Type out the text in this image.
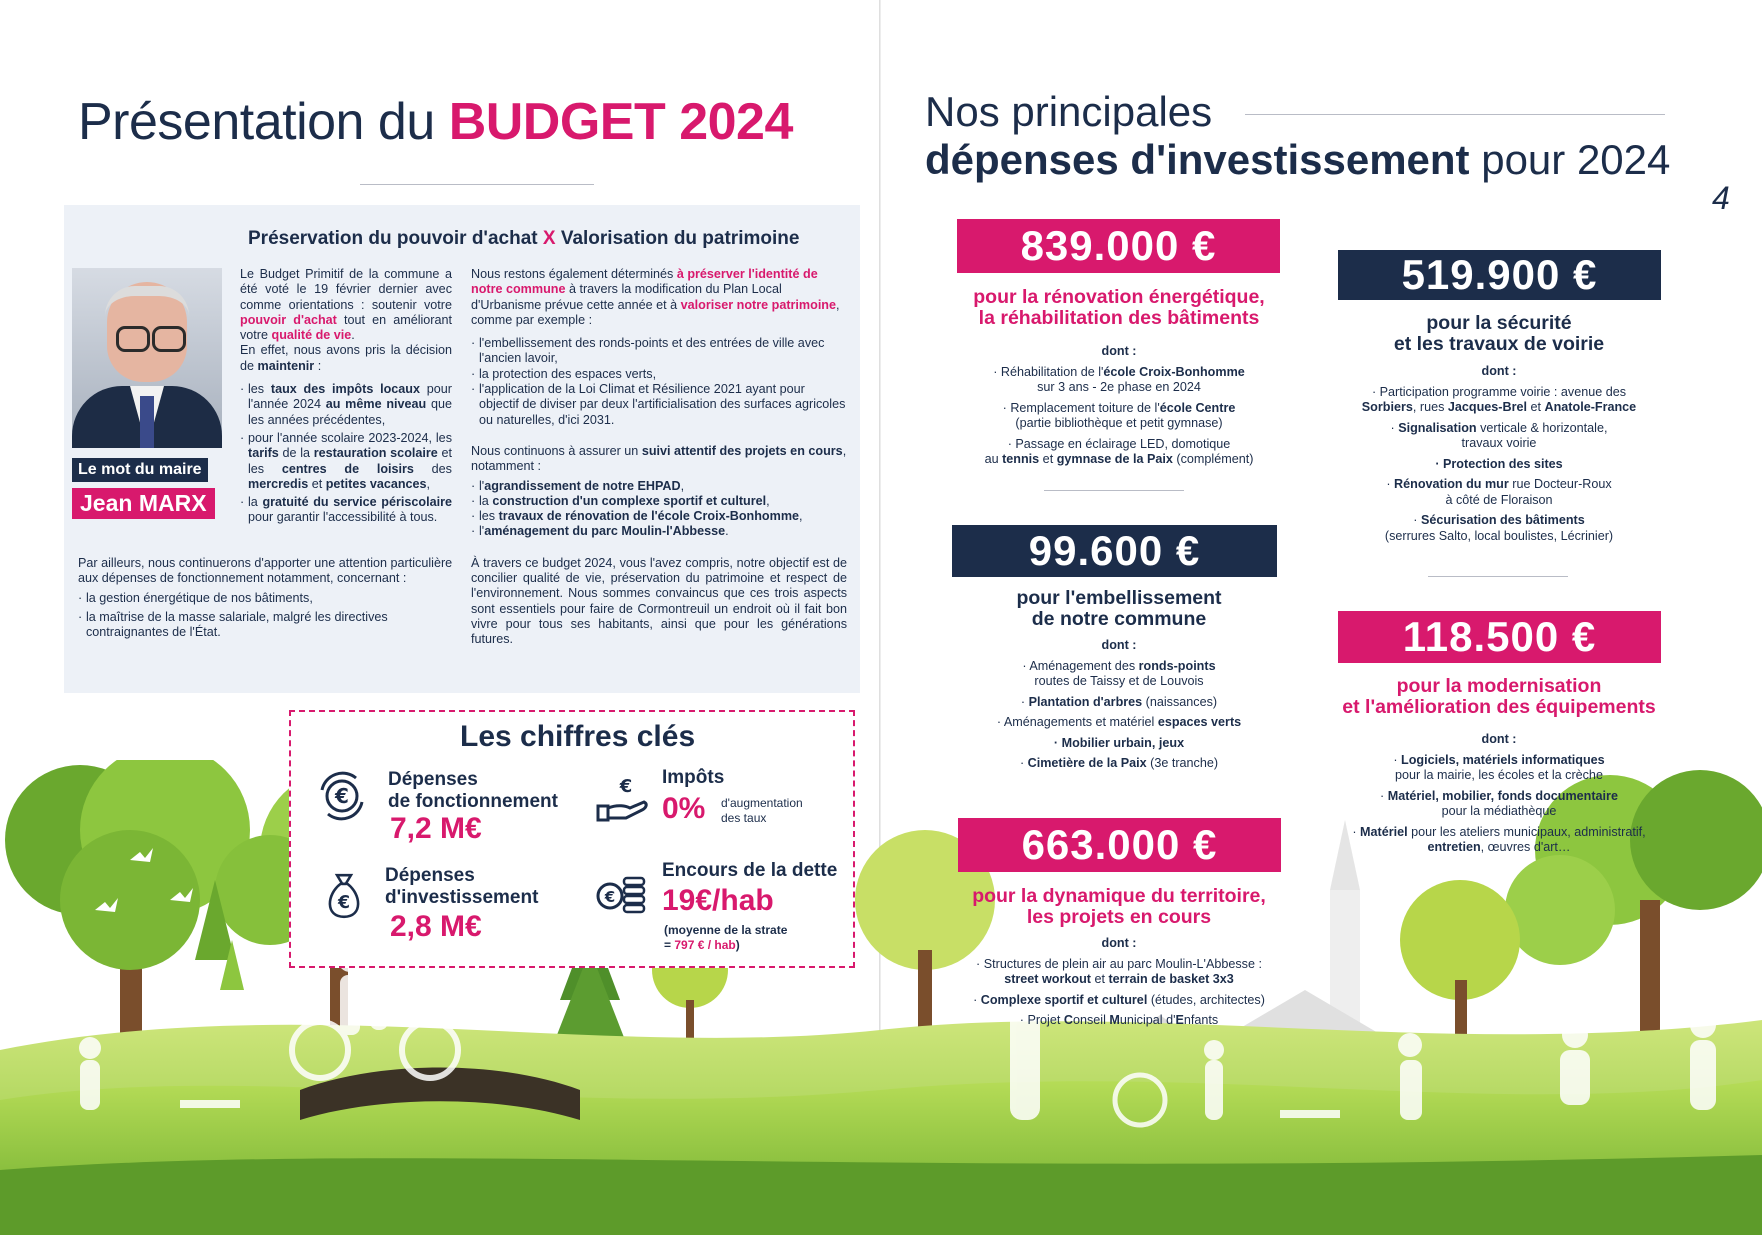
Présentation du BUDGET 2024
Préservation du pouvoir d'achat X Valorisation du patrimoine
Le mot du maire
Jean MARX

Le Budget Primitif de la commune a été voté le 19 février dernier avec comme orientations : soutenir votre pouvoir d'achat tout en améliorant votre qualité de vie.
En effet, nous avons pris la décision de maintenir :

· les taux des impôts locaux pour l'année 2024 au même niveau que les années précédentes,
· pour l'année scolaire 2023-2024, les tarifs de la restauration scolaire et les centres de loisirs des mercredis et petites vacances,
· la gratuité du service périscolaire pour garantir l'accessibilité à tous.

Par ailleurs, nous continuerons d'apporter une attention particulière aux dépenses de fonctionnement notamment, concernant :

· la gestion énergétique de nos bâtiments,
· la maîtrise de la masse salariale, malgré les directives contraignantes de l'État.

Nous restons également déterminés à préserver l'identité de notre commune à travers la modification du Plan Local d'Urbanisme prévue cette année et à valoriser notre patrimoine, comme par exemple :

· l'embellissement des ronds-points et des entrées de ville avec l'ancien lavoir,
· la protection des espaces verts,
· l'application de la Loi Climat et Résilience 2021 ayant pour objectif de diviser par deux l'artificialisation des surfaces agricoles ou naturelles, d'ici 2031.

Nous continuons à assurer un suivi attentif des projets en cours, notamment :

· l'agrandissement de notre EHPAD,
· la construction d'un complexe sportif et culturel,
· les travaux de rénovation de l'école Croix-Bonhomme,
· l'aménagement du parc Moulin-l'Abbesse.

À travers ce budget 2024, vous l'avez compris, notre objectif est de concilier qualité de vie, préservation du patrimoine et respect de l'environnement. Nous sommes convaincus que ces trois aspects sont essentiels pour faire de Cormontreuil un endroit où il fait bon vivre pour tous ses habitants, ainsi que pour les générations futures.

Les chiffres clés
€
Dépenses
de fonctionnement
7,2 M€
€ Impôts
0% d'augmentation
des taux
€
Dépenses
d'investissement
2,8 M€
€
Encours de la dette
19€/hab
(moyenne de la strate
= 797 € / hab)
Nos principales
dépenses d'investissement pour 2024
4
839.000 €
pour la rénovation énergétique,
la réhabilitation des bâtiments
dont :
· Réhabilitation de l'école Croix-Bonhomme
sur 3 ans - 2e phase en 2024
· Remplacement toiture de l'école Centre
(partie bibliothèque et petit gymnase)
· Passage en éclairage LED, domotique
au tennis et gymnase de la Paix (complément)
519.900 €
pour la sécurité
et les travaux de voirie
dont :
· Participation programme voirie : avenue des
Sorbiers, rues Jacques-Brel et Anatole-France
· Signalisation verticale & horizontale,
travaux voirie
· Protection des sites
· Rénovation du mur rue Docteur-Roux
à côté de Floraison
· Sécurisation des bâtiments
(serrures Salto, local boulistes, Lécrinier)
99.600 €
pour l'embellissement
de notre commune
dont :
· Aménagement des ronds-points
routes de Taissy et de Louvois
· Plantation d'arbres (naissances)
· Aménagements et matériel espaces verts
· Mobilier urbain, jeux
· Cimetière de la Paix (3e tranche)
118.500 €
pour la modernisation
et l'amélioration des équipements
dont :
· Logiciels, matériels informatiques
pour la mairie, les écoles et la crèche
· Matériel, mobilier, fonds documentaire
pour la médiathèque
· Matériel pour les ateliers municipaux, administratif,
entretien, œuvres d'art…
663.000 €
pour la dynamique du territoire,
les projets en cours
dont :
· Structures de plein air au parc Moulin-L'Abbesse :
street workout et terrain de basket 3x3
· Complexe sportif et culturel (études, architectes)
· Projet Conseil Municipal d'Enfants
